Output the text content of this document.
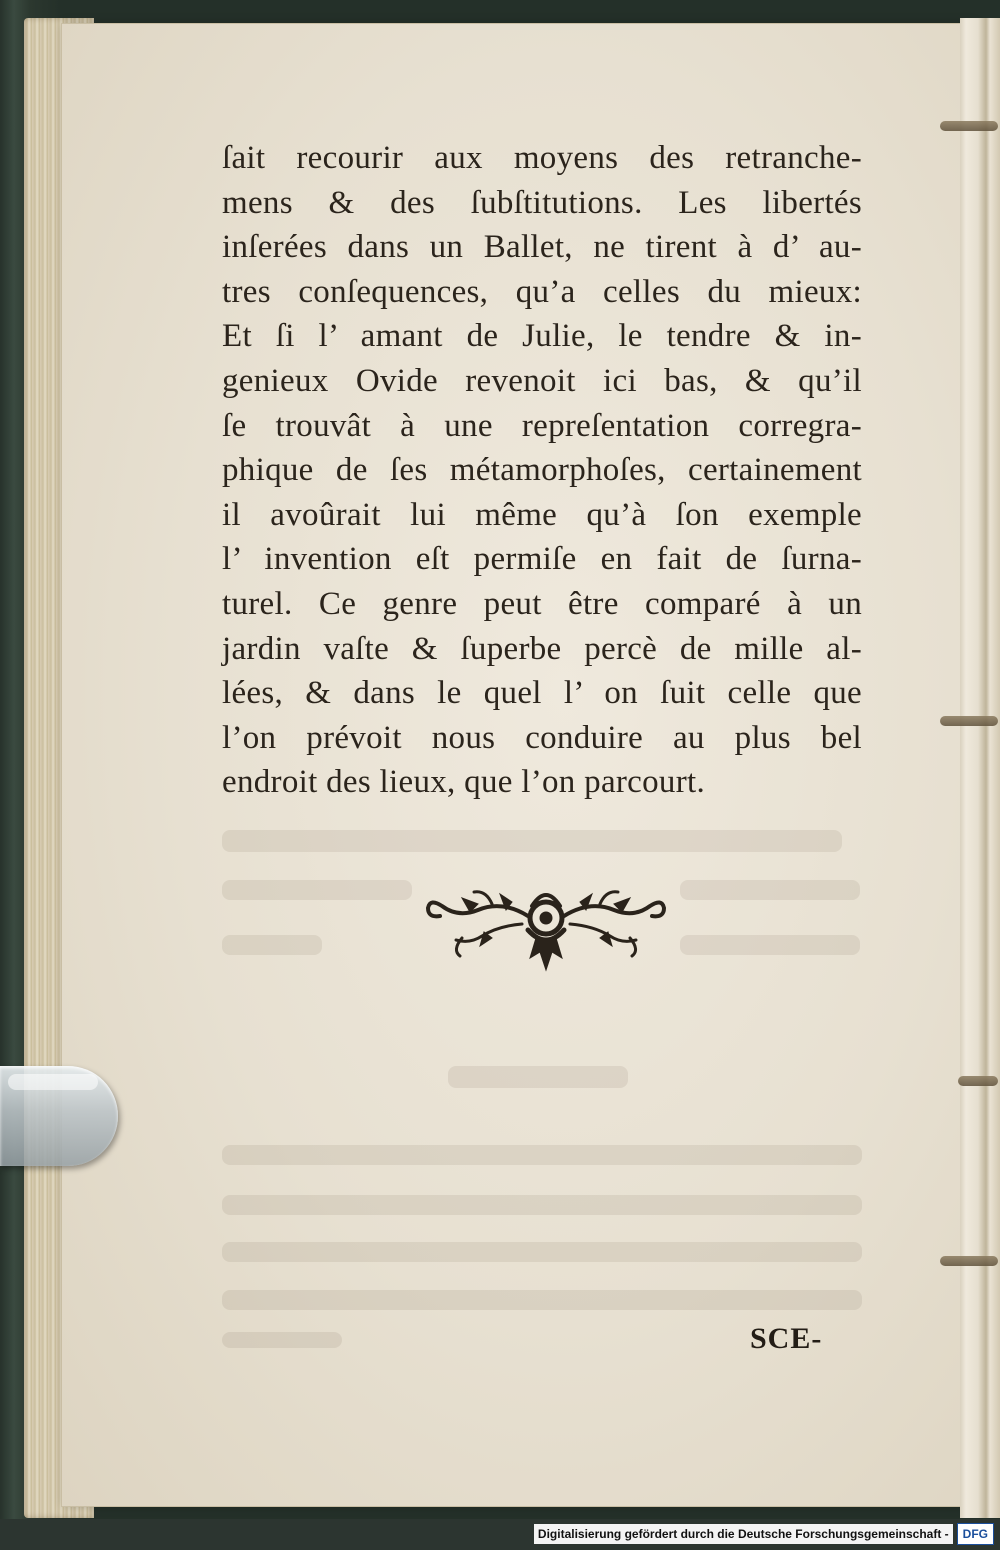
ſait recourir aux moyens des retranche-
mens & des ſubſtitutions. Les libertés
inſerées dans un Ballet, ne tirent à d’ au-
tres conſequences, qu’a celles du mieux:
Et ſi l’ amant de Julie, le tendre & in-
genieux Ovide revenoit ici bas, & qu’il
ſe trouvât à une repreſentation corregra-
phique de ſes métamorphoſes, certainement
il avoûrait lui même qu’à ſon exemple
l’ invention eſt permiſe en fait de ſurna-
turel. Ce genre peut être comparé à un
jardin vaſte & ſuperbe percè de mille al-
lées, & dans le quel l’ on ſuit celle que
l’on prévoit nous conduire au plus bel
endroit des lieux, que l’on parcourt.
SCE-
Digitalisierung gefördert durch die Deutsche Forschungsgemeinschaft -	DFG
